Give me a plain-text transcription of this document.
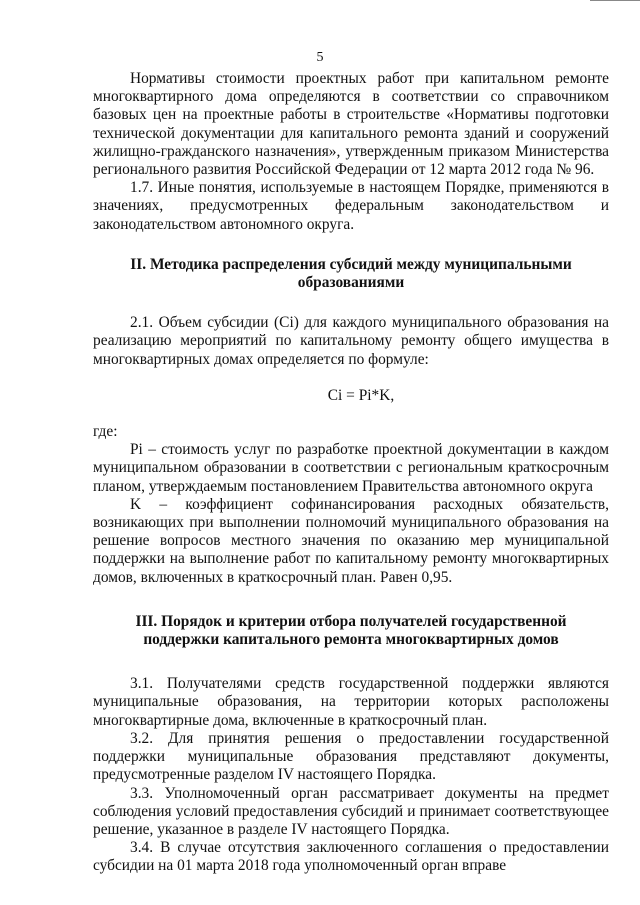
5

Нормативы стоимости проектных работ при капитальном ремонте многоквартирного дома определяются в соответствии со справочником базовых цен на проектные работы в строительстве «Нормативы подготовки технической документации для капитального ремонта зданий и сооружений жилищно-гражданского назначения», утвержденным приказом Министерства регионального развития Российской Федерации от 12 марта 2012 года № 96.

1.7. Иные понятия, используемые в настоящем Порядке, применяются в значениях, предусмотренных федеральным законодательством и законодательством автономного округа.

II. Методика распределения субсидий между муниципальными образованиями

2.1. Объем субсидии (Ci) для каждого муниципального образования на реализацию мероприятий по капитальному ремонту общего имущества в многоквартирных домах определяется по формуле:

Ci = Pi*K,

где:

Pi – стоимость услуг по разработке проектной документации в каждом муниципальном образовании в соответствии с региональным краткосрочным планом, утверждаемым постановлением Правительства автономного округа

K – коэффициент софинансирования расходных обязательств, возникающих при выполнении полномочий муниципального образования на решение вопросов местного значения по оказанию мер муниципальной поддержки на выполнение работ по капитальному ремонту многоквартирных домов, включенных в краткосрочный план. Равен 0,95.

III. Порядок и критерии отбора получателей государственной поддержки капитального ремонта многоквартирных домов

3.1. Получателями средств государственной поддержки являются муниципальные образования, на территории которых расположены многоквартирные дома, включенные в краткосрочный план.

3.2. Для принятия решения о предоставлении государственной поддержки муниципальные образования представляют документы, предусмотренные разделом IV настоящего Порядка.

3.3. Уполномоченный орган рассматривает документы на предмет соблюдения условий предоставления субсидий и принимает соответствующее решение, указанное в разделе IV настоящего Порядка.

3.4. В случае отсутствия заключенного соглашения о предоставлении субсидии на 01 марта 2018 года уполномоченный орган вправе
